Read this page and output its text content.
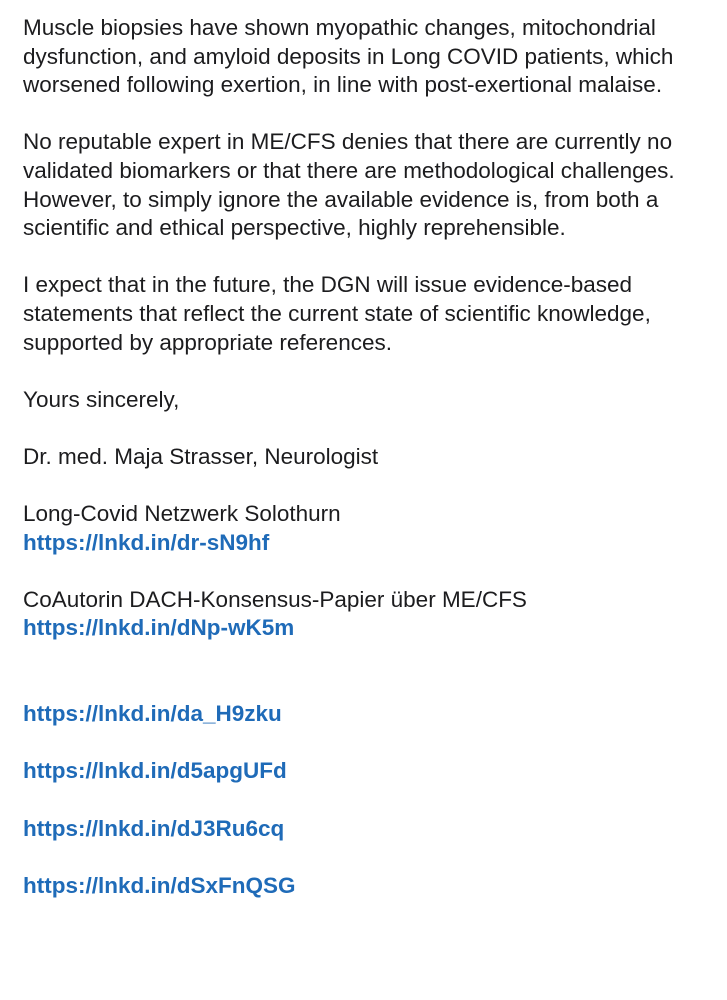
Muscle biopsies have shown myopathic changes, mitochondrial dysfunction, and amyloid deposits in Long COVID patients, which worsened following exertion, in line with post-exertional malaise.

No reputable expert in ME/CFS denies that there are currently no validated biomarkers or that there are methodological challenges. However, to simply ignore the available evidence is, from both a scientific and ethical perspective, highly reprehensible.

I expect that in the future, the DGN will issue evidence-based statements that reflect the current state of scientific knowledge, supported by appropriate references.

Yours sincerely,

Dr. med. Maja Strasser, Neurologist

Long-Covid Netzwerk Solothurn
https://lnkd.in/dr-sN9hf
CoAutorin DACH-Konsensus-Papier über ME/CFS
https://lnkd.in/dNp-wK5m
https://lnkd.in/da_H9zku
https://lnkd.in/d5apgUFd
https://lnkd.in/dJ3Ru6cq
https://lnkd.in/dSxFnQSG
